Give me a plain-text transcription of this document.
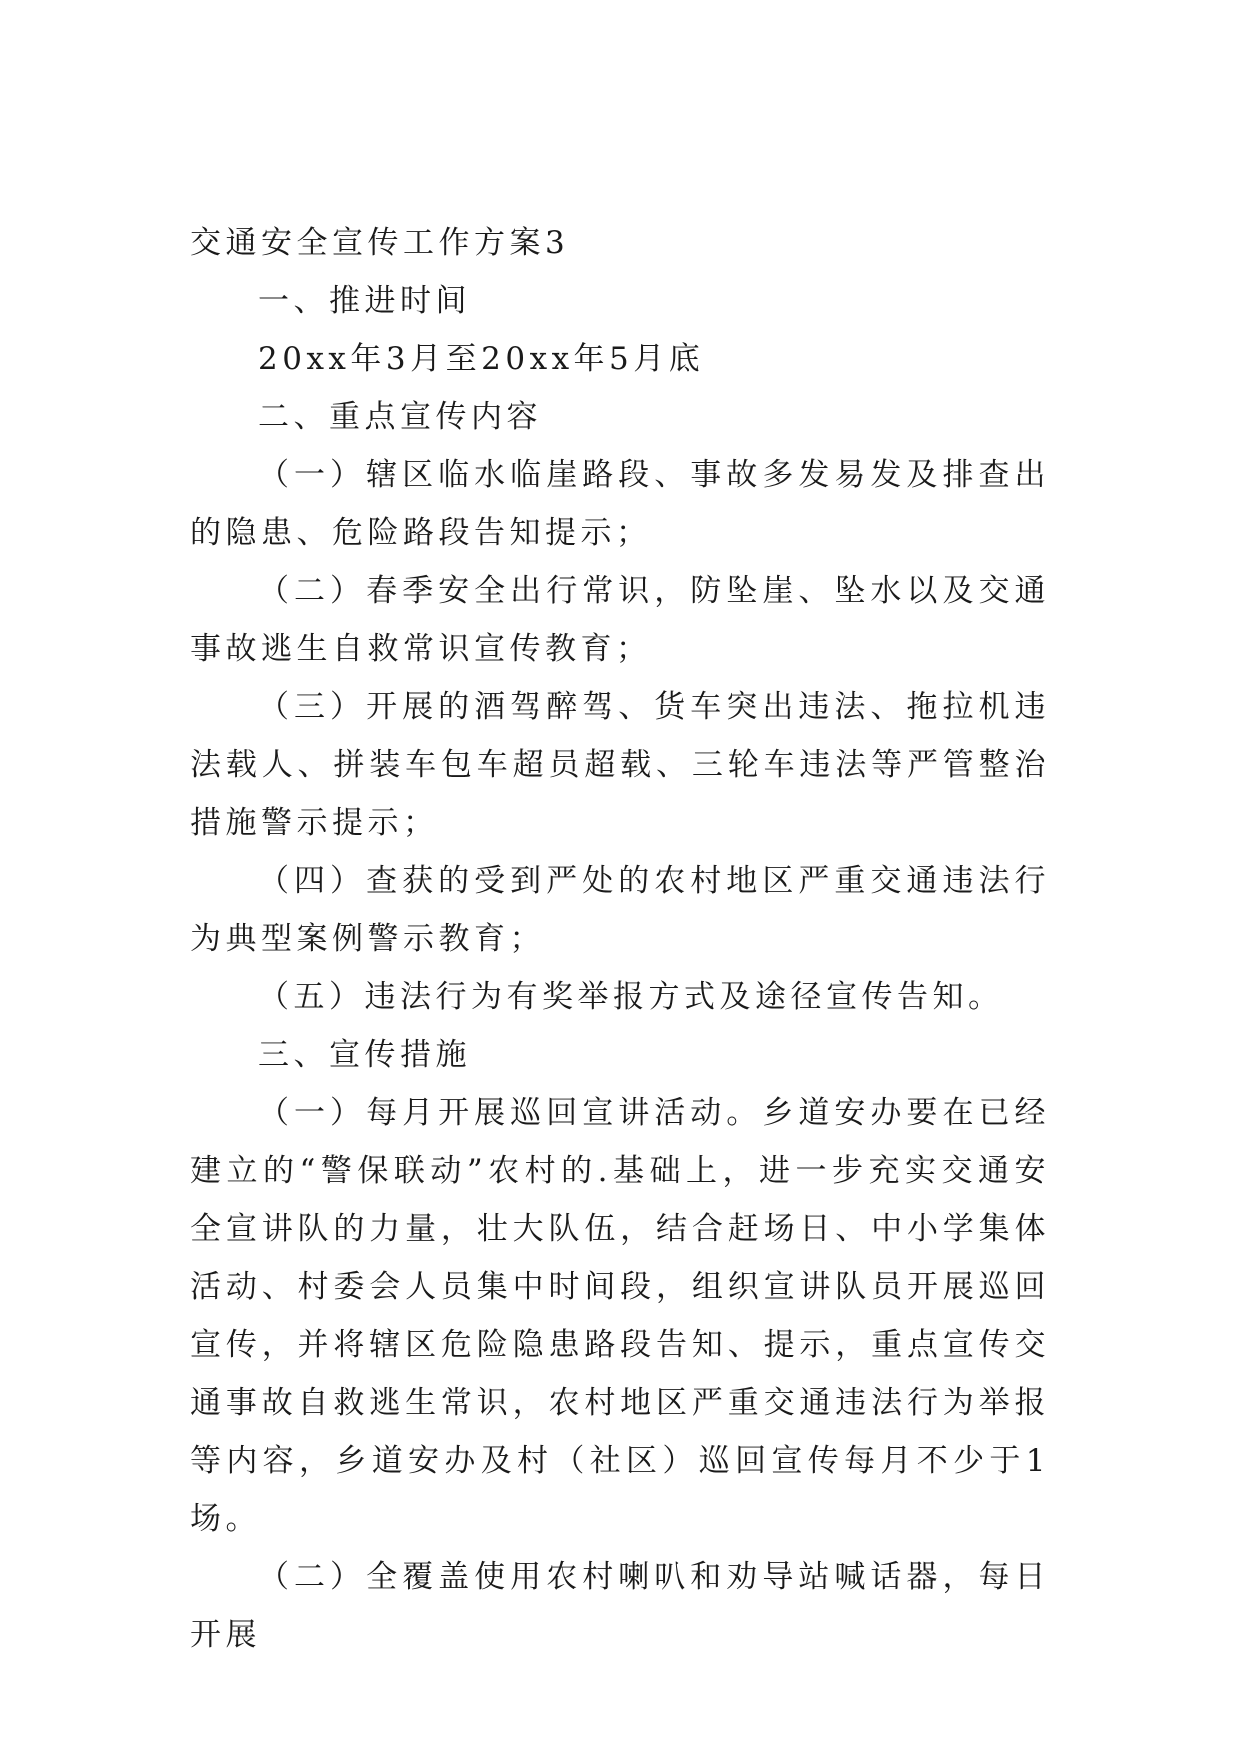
交通安全宣传工作方案3

一、推进时间

20xx年3月至20xx年5月底

二、重点宣传内容

（一）辖区临水临崖路段、事故多发易发及排查出的隐患、危险路段告知提示；

（二）春季安全出行常识，防坠崖、坠水以及交通事故逃生自救常识宣传教育；

（三）开展的酒驾醉驾、货车突出违法、拖拉机违法载人、拼装车包车超员超载、三轮车违法等严管整治措施警示提示；

（四）查获的受到严处的农村地区严重交通违法行为典型案例警示教育；

（五）违法行为有奖举报方式及途径宣传告知。

三、宣传措施

（一）每月开展巡回宣讲活动。乡道安办要在已经建立的“警保联动”农村的.基础上，进一步充实交通安全宣讲队的力量，壮大队伍，结合赶场日、中小学集体活动、村委会人员集中时间段，组织宣讲队员开展巡回宣传，并将辖区危险隐患路段告知、提示，重点宣传交通事故自救逃生常识，农村地区严重交通违法行为举报等内容，乡道安办及村（社区）巡回宣传每月不少于1场。

（二）全覆盖使用农村喇叭和劝导站喊话器，每日开展
